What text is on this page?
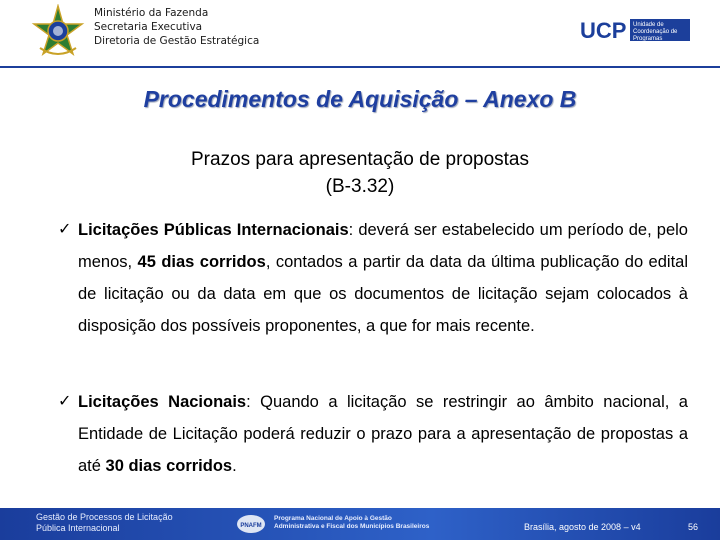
Ministério da Fazenda
Secretaria Executiva
Diretoria de Gestão Estratégica	UCP Unidade de
Coordenação de
Programas
Procedimentos de Aquisição – Anexo B
Prazos para apresentação de propostas
(B-3.32)
✓ Licitações Públicas Internacionais: deverá ser estabelecido um período de, pelo menos, 45 dias corridos, contados a partir da data da última publicação do edital de licitação ou da data em que os documentos de licitação sejam colocados à disposição dos possíveis proponentes, a que for mais recente.
✓ Licitações Nacionais: Quando a licitação se restringir ao âmbito nacional, a Entidade de Licitação poderá reduzir o prazo para a apresentação de propostas a até 30 dias corridos.
Gestão de Processos de Licitação
Pública Internacional	PNAFM
Programa Nacional de Apoio à Gestão
Administrativa e Fiscal dos Municípios Brasileiros	Brasília, agosto de 2008 – v4	56
